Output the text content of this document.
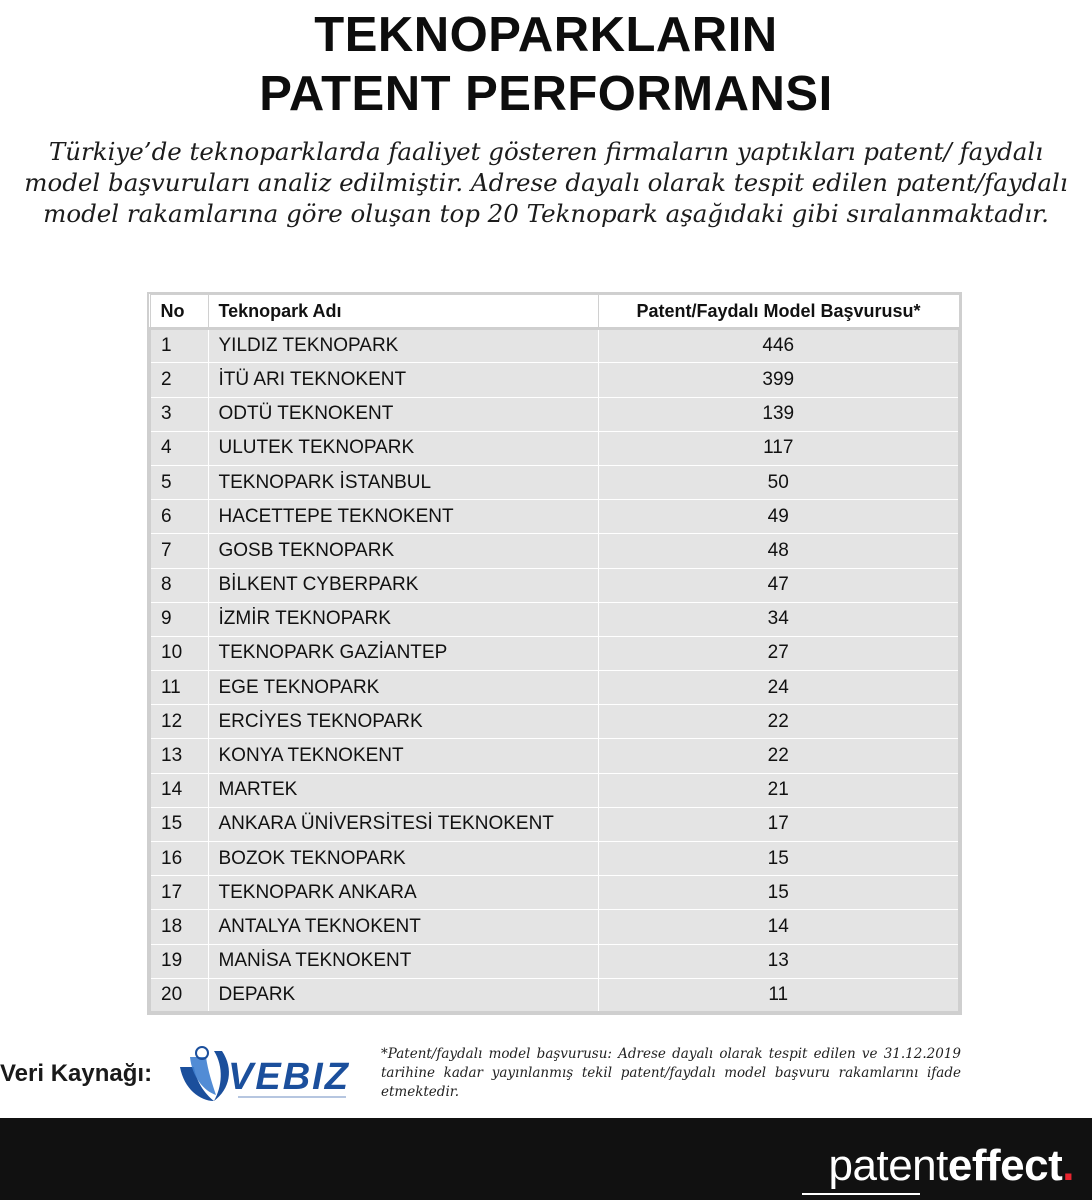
TEKNOPARKLARIN
PATENT PERFORMANSI
Türkiye’de teknoparklarda faaliyet gösteren firmaların yaptıkları patent/ faydalı model başvuruları analiz edilmiştir. Adrese dayalı olarak tespit edilen patent/faydalı model rakamlarına göre oluşan top 20 Teknopark aşağıdaki gibi sıralanmaktadır.
No	Teknopark Adı	Patent/Faydalı Model Başvurusu*
1	YILDIZ TEKNOPARK	446
2	İTÜ ARI TEKNOKENT	399
3	ODTÜ TEKNOKENT	139
4	ULUTEK TEKNOPARK	117
5	TEKNOPARK İSTANBUL	50
6	HACETTEPE TEKNOKENT	49
7	GOSB TEKNOPARK	48
8	BİLKENT CYBERPARK	47
9	İZMİR TEKNOPARK	34
10	TEKNOPARK GAZİANTEP	27
11	EGE TEKNOPARK	24
12	ERCİYES TEKNOPARK	22
13	KONYA TEKNOKENT	22
14	MARTEK	21
15	ANKARA ÜNİVERSİTESİ TEKNOKENT	17
16	BOZOK TEKNOPARK	15
17	TEKNOPARK ANKARA	15
18	ANTALYA TEKNOKENT	14
19	MANİSA TEKNOKENT	13
20	DEPARK	11
Veri Kaynağı: VEBIZ
*Patent/faydalı model başvurusu: Adrese dayalı olarak tespit edilen ve 31.12.2019 tarihine kadar yayınlanmış tekil patent/faydalı model başvuru rakamlarını ifade etmektedir.
patenteffect.
